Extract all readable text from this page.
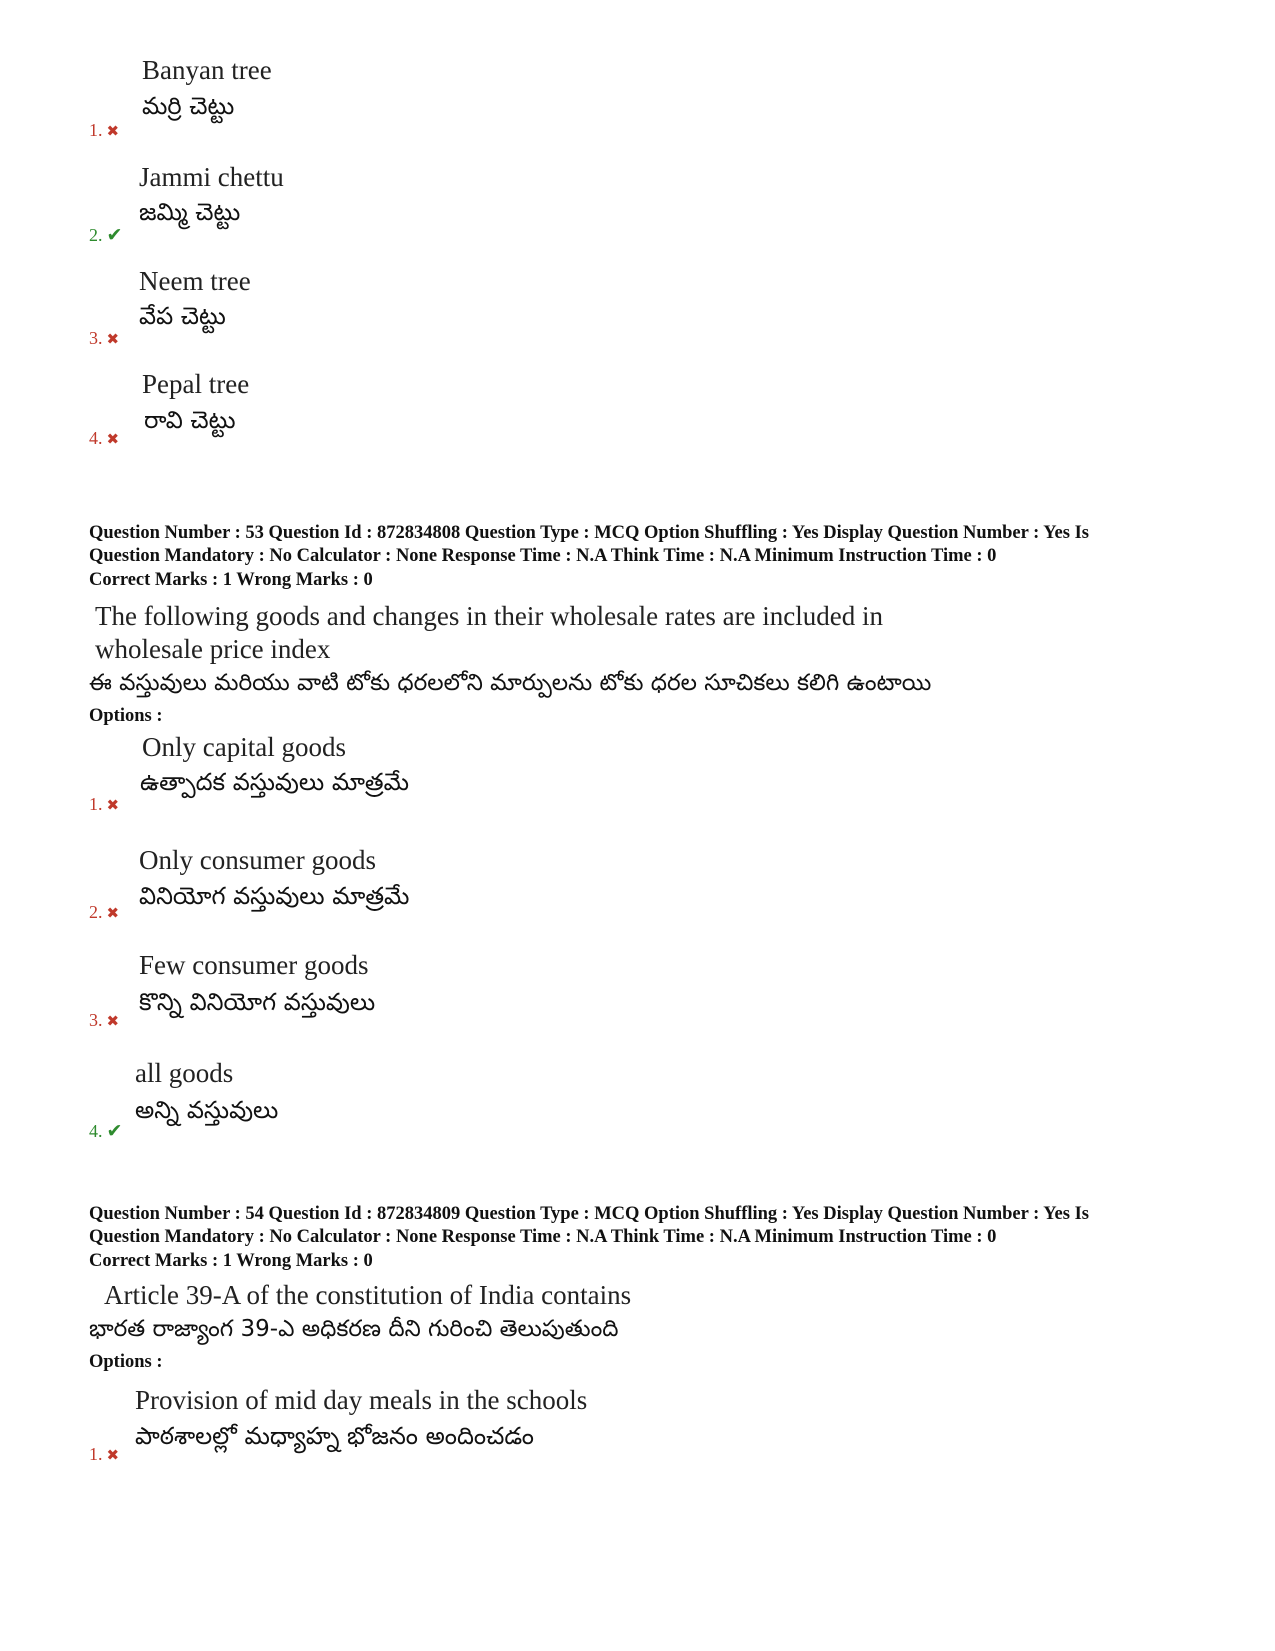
Banyan tree
మర్రి చెట్టు
1. ✖
Jammi chettu
జమ్మి చెట్టు
2. ✔
Neem tree
వేప చెట్టు
3. ✖
Pepal tree
రావి చెట్టు
4. ✖
Question Number : 53 Question Id : 872834808 Question Type : MCQ Option Shuffling : Yes Display Question Number : Yes Is
Question Mandatory : No Calculator : None Response Time : N.A Think Time : N.A Minimum Instruction Time : 0
Correct Marks : 1 Wrong Marks : 0
The following goods and changes in their wholesale rates are included in
wholesale price index
ఈ వస్తువులు మరియు వాటి టోకు ధరలలోని మార్పులను టోకు ధరల సూచికలు కలిగి ఉంటాయి
Options :
Only capital goods
ఉత్పాదక వస్తువులు మాత్రమే
1. ✖
Only consumer goods
వినియోగ వస్తువులు మాత్రమే
2. ✖
Few consumer goods
కొన్ని వినియోగ వస్తువులు
3. ✖
all goods
అన్ని వస్తువులు
4. ✔
Question Number : 54 Question Id : 872834809 Question Type : MCQ Option Shuffling : Yes Display Question Number : Yes Is
Question Mandatory : No Calculator : None Response Time : N.A Think Time : N.A Minimum Instruction Time : 0
Correct Marks : 1 Wrong Marks : 0
Article 39-A of the constitution of India contains
భారత రాజ్యాంగ 39-ఎ అధికరణ దీని గురించి తెలుపుతుంది
Options :
Provision of mid day meals in the schools
పాఠశాలల్లో మధ్యాహ్న భోజనం అందించడం
1. ✖
